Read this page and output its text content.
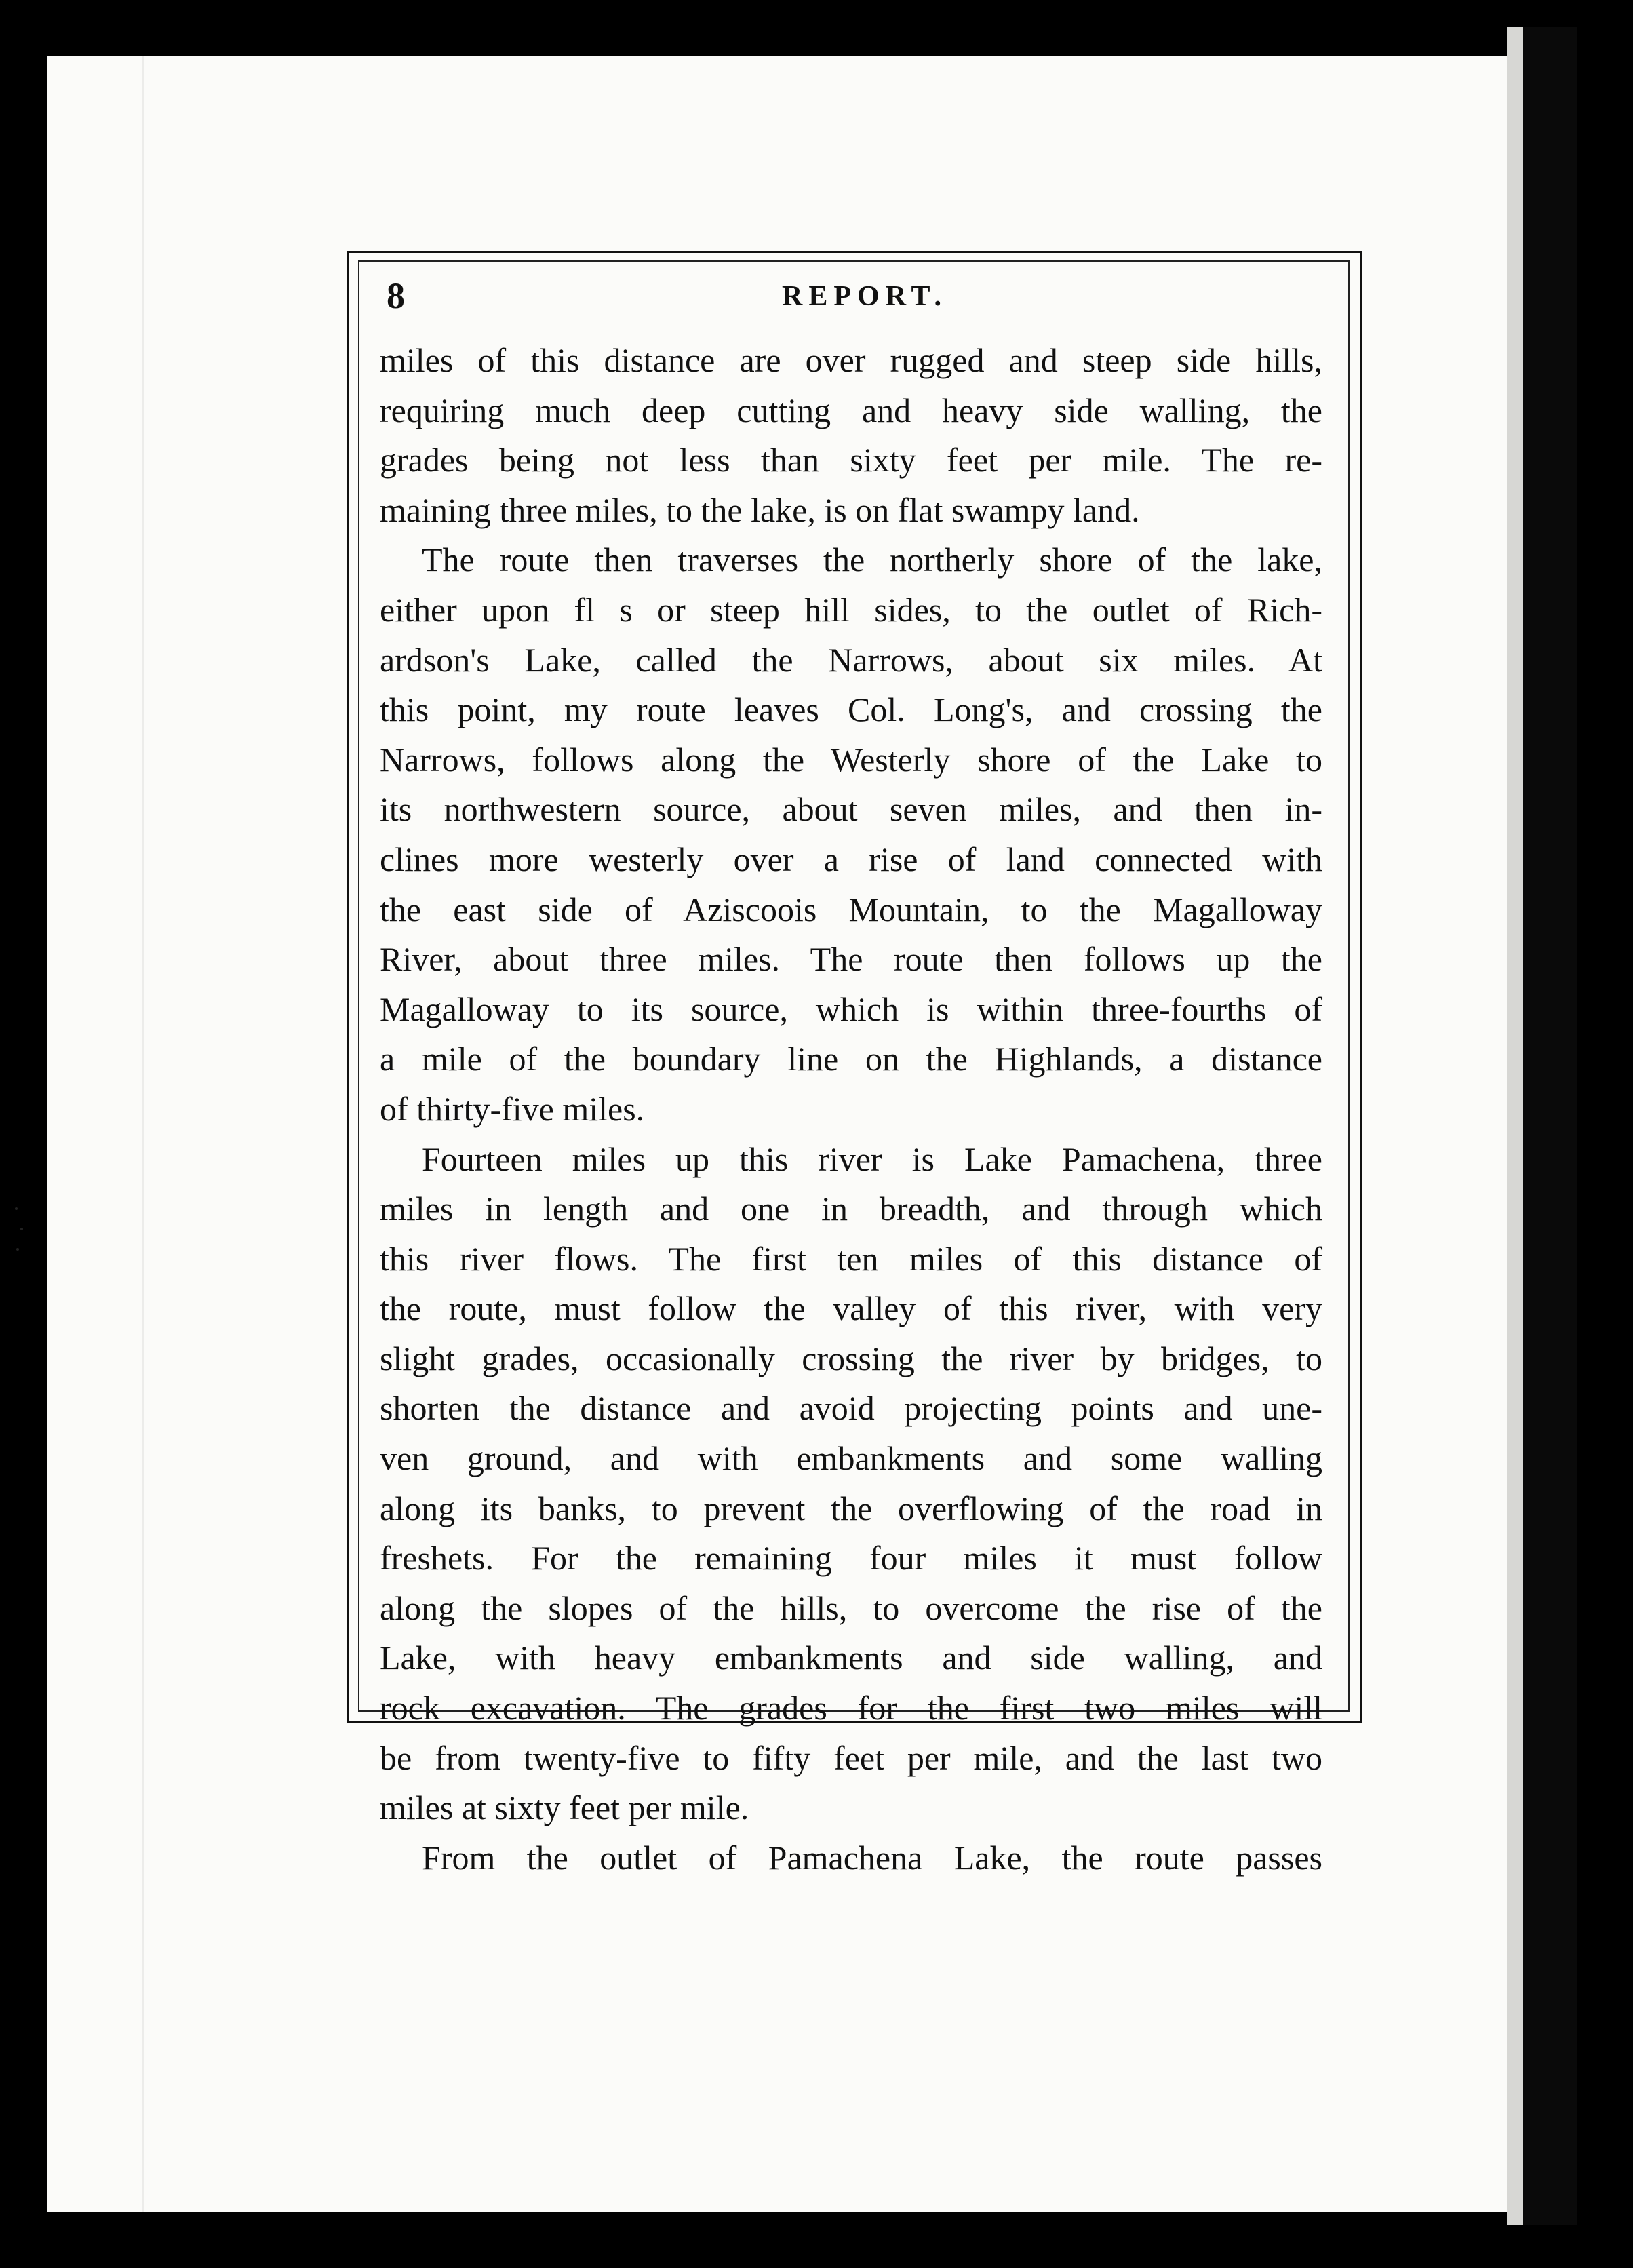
8	REPORT.
miles of this distance are over rugged and steep side hills,
requiring much deep cutting and heavy side walling, the
grades being not less than sixty feet per mile. The re-
maining three miles, to the lake, is on flat swampy land.
The route then traverses the northerly shore of the lake,
either upon fl s or steep hill sides, to the outlet of Rich-
ardson's Lake, called the Narrows, about six miles. At
this point, my route leaves Col. Long's, and crossing the
Narrows, follows along the Westerly shore of the Lake to
its northwestern source, about seven miles, and then in-
clines more westerly over a rise of land connected with
the east side of Aziscoois Mountain, to the Magalloway
River, about three miles. The route then follows up the
Magalloway to its source, which is within three-fourths of
a mile of the boundary line on the Highlands, a distance
of thirty-five miles.
Fourteen miles up this river is Lake Pamachena, three
miles in length and one in breadth, and through which
this river flows. The first ten miles of this distance of
the route, must follow the valley of this river, with very
slight grades, occasionally crossing the river by bridges, to
shorten the distance and avoid projecting points and une-
ven ground, and with embankments and some walling
along its banks, to prevent the overflowing of the road in
freshets. For the remaining four miles it must follow
along the slopes of the hills, to overcome the rise of the
Lake, with heavy embankments and side walling, and
rock excavation. The grades for the first two miles will
be from twenty-five to fifty feet per mile, and the last two
miles at sixty feet per mile.
From the outlet of Pamachena Lake, the route passes
